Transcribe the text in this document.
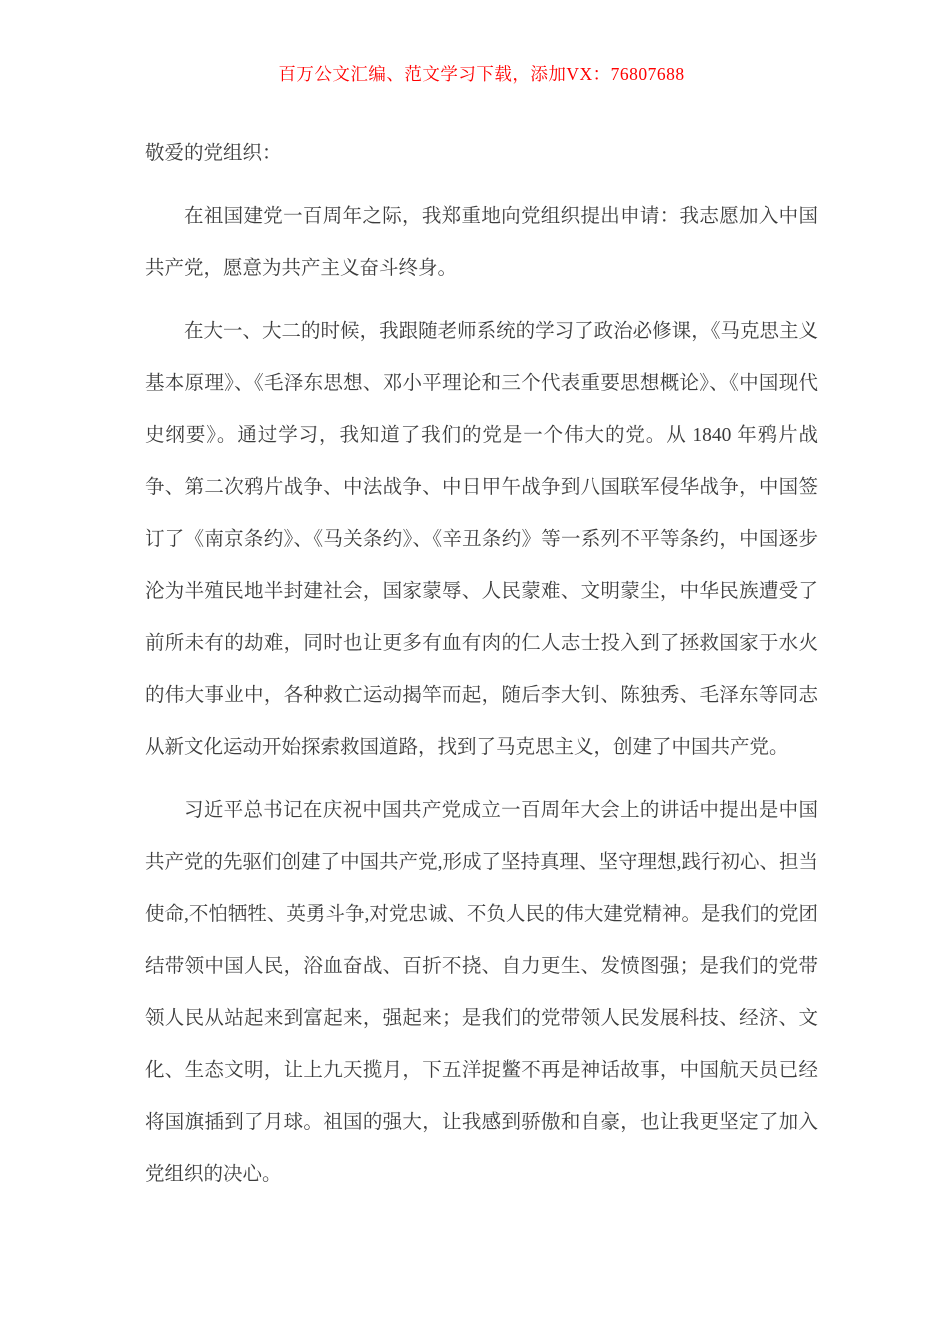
百万公文汇编、范文学习下载，添加VX：76807688

敬爱的党组织：

在祖国建党一百周年之际，我郑重地向党组织提出申请：我志愿加入中国共产党，愿意为共产主义奋斗终身。

在大一、大二的时候，我跟随老师系统的学习了政治必修课，《马克思主义基本原理》、《毛泽东思想、邓小平理论和三个代表重要思想概论》、《中国现代史纲要》。通过学习，我知道了我们的党是一个伟大的党。从 1840 年鸦片战争、第二次鸦片战争、中法战争、中日甲午战争到八国联军侵华战争，中国签订了《南京条约》、《马关条约》、《辛丑条约》等一系列不平等条约，中国逐步沦为半殖民地半封建社会，国家蒙辱、人民蒙难、文明蒙尘，中华民族遭受了前所未有的劫难，同时也让更多有血有肉的仁人志士投入到了拯救国家于水火的伟大事业中，各种救亡运动揭竿而起，随后李大钊、陈独秀、毛泽东等同志从新文化运动开始探索救国道路，找到了马克思主义，创建了中国共产党。

习近平总书记在庆祝中国共产党成立一百周年大会上的讲话中提出是中国共产党的先驱们创建了中国共产党,形成了坚持真理、坚守理想,践行初心、担当使命,不怕牺牲、英勇斗争,对党忠诚、不负人民的伟大建党精神。是我们的党团结带领中国人民，浴血奋战、百折不挠、自力更生、发愤图强；是我们的党带领人民从站起来到富起来，强起来；是我们的党带领人民发展科技、经济、文化、生态文明，让上九天揽月，下五洋捉鳖不再是神话故事，中国航天员已经将国旗插到了月球。祖国的强大，让我感到骄傲和自豪，也让我更坚定了加入党组织的决心。
